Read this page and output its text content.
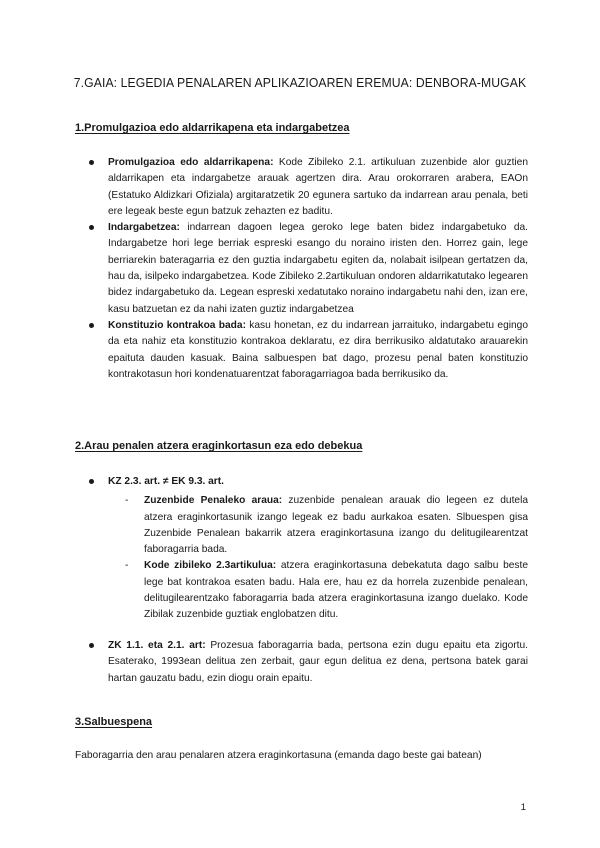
7.GAIA: LEGEDIA PENALAREN APLIKAZIOAREN EREMUA: DENBORA-MUGAK
1.Promulgazioa edo aldarrikapena eta indargabetzea
Promulgazioa edo aldarrikapena: Kode Zibileko 2.1. artikuluan zuzenbide alor guztien aldarrikapen eta indargabetze arauak agertzen dira. Arau orokorraren arabera, EAOn (Estatuko Aldizkari Ofiziala) argitaratzetik 20 egunera sartuko da indarrean arau penala, beti ere legeak beste egun batzuk zehazten ez baditu.
Indargabetzea: indarrean dagoen legea geroko lege baten bidez indargabetuko da. Indargabetze hori lege berriak espreski esango du noraino iristen den. Horrez gain, lege berriarekin bateragarria ez den guztia indargabetu egiten da, nolabait isilpean gertatzen da, hau da, isilpeko indargabetzea. Kode Zibileko 2.2artikuluan ondoren aldarrikatutako legearen bidez indargabetuko da. Legean espreski xedatutako noraino indargabetu nahi den, izan ere, kasu batzuetan ez da nahi izaten guztiz indargabetzea
Konstituzio kontrakoa bada: kasu honetan, ez du indarrean jarraituko, indargabetu egingo da eta nahiz eta konstituzio kontrakoa deklaratu, ez dira berrikusiko aldatutako arauarekin epaituta dauden kasuak. Baina salbuespen bat dago, prozesu penal baten konstituzio kontrakotasun hori kondenatuarentzat faboragarriagoa bada berrikusiko da.
2.Arau penalen atzera eraginkortasun eza edo debekua
KZ 2.3. art. ≠ EK 9.3. art.
- Zuzenbide Penaleko araua: zuzenbide penalean arauak dio legeen ez dutela atzera eraginkortasunik izango legeak ez badu aurkakoa esaten. Slbuespen gisa Zuzenbide Penalean bakarrik atzera eraginkortasuna izango du delitugilearentzat faboragarria bada.
- Kode zibileko 2.3artikulua: atzera eraginkortasuna debekatuta dago salbu beste lege bat kontrakoa esaten badu. Hala ere, hau ez da horrela zuzenbide penalean, delitugilearentzako faboragarria bada atzera eraginkortasuna izango duelako. Kode Zibilak zuzenbide guztiak englobatzen ditu.
ZK 1.1. eta 2.1. art: Prozesua faboragarria bada, pertsona ezin dugu epaitu eta zigortu. Esaterako, 1993ean delitua zen zerbait, gaur egun delitua ez dena, pertsona batek garai hartan gauzatu badu, ezin diogu orain epaitu.
3.Salbuespena
Faboragarria den arau penalaren atzera eraginkortasuna (emanda dago beste gai batean)
1
